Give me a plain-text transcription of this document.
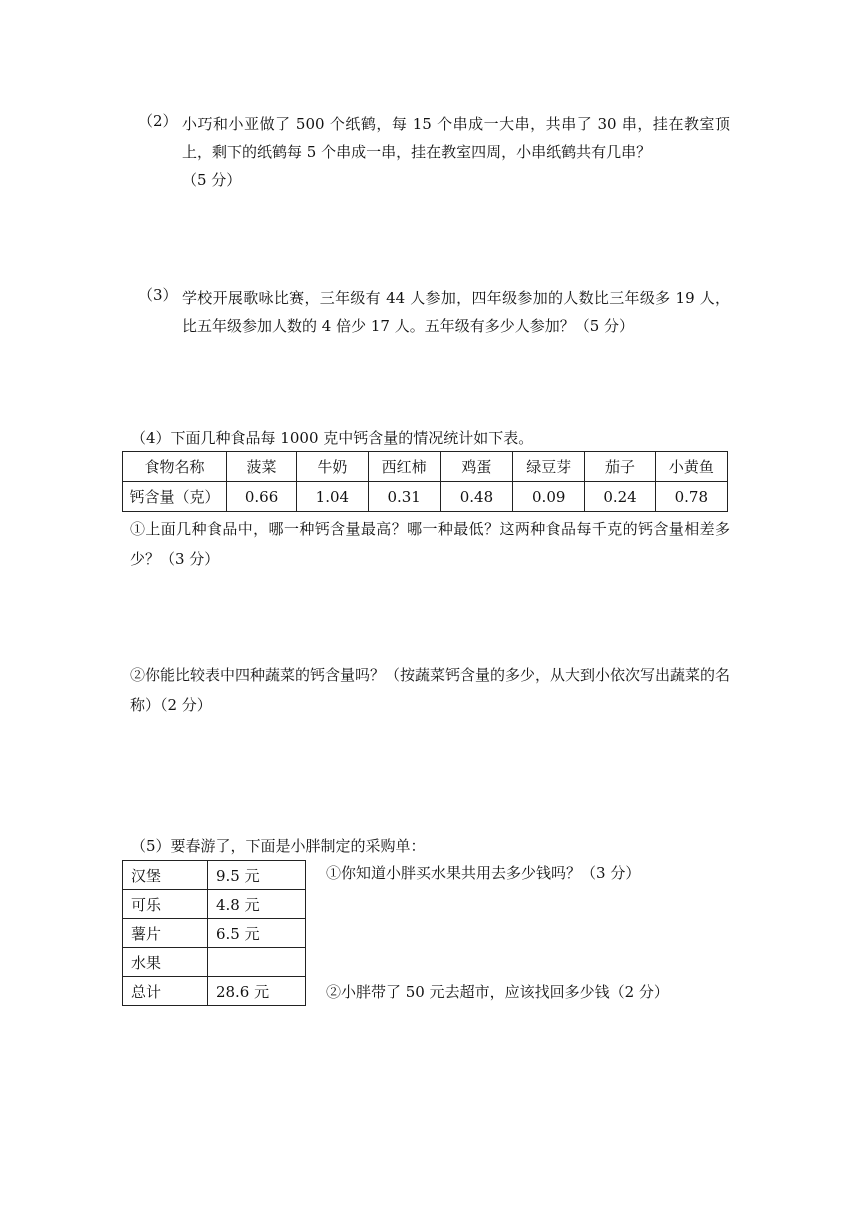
（2） 小巧和小亚做了 500 个纸鹤，每 15 个串成一大串，共串了 30 串，挂在教室顶上，剩下的纸鹤每 5 个串成一串，挂在教室四周，小串纸鹤共有几串？
（5 分）
（3） 学校开展歌咏比赛，三年级有 44 人参加，四年级参加的人数比三年级多 19 人，比五年级参加人数的 4 倍少 17 人。五年级有多少人参加？（5 分）
（4）下面几种食品每 1000 克中钙含量的情况统计如下表。
食物名称	菠菜	牛奶	西红柿	鸡蛋	绿豆芽	茄子	小黄鱼
钙含量（克）	0.66	1.04	0.31	0.48	0.09	0.24	0.78
①上面几种食品中，哪一种钙含量最高？哪一种最低？这两种食品每千克的钙含量相差多少？（3 分）
②你能比较表中四种蔬菜的钙含量吗？（按蔬菜钙含量的多少，从大到小依次写出蔬菜的名称）（2 分）
（5）要春游了，下面是小胖制定的采购单：
汉堡	9.5 元
可乐	4.8 元
薯片	6.5 元
水果	
总计	28.6 元
①你知道小胖买水果共用去多少钱吗？（3 分）
②小胖带了 50 元去超市，应该找回多少钱（2 分）
